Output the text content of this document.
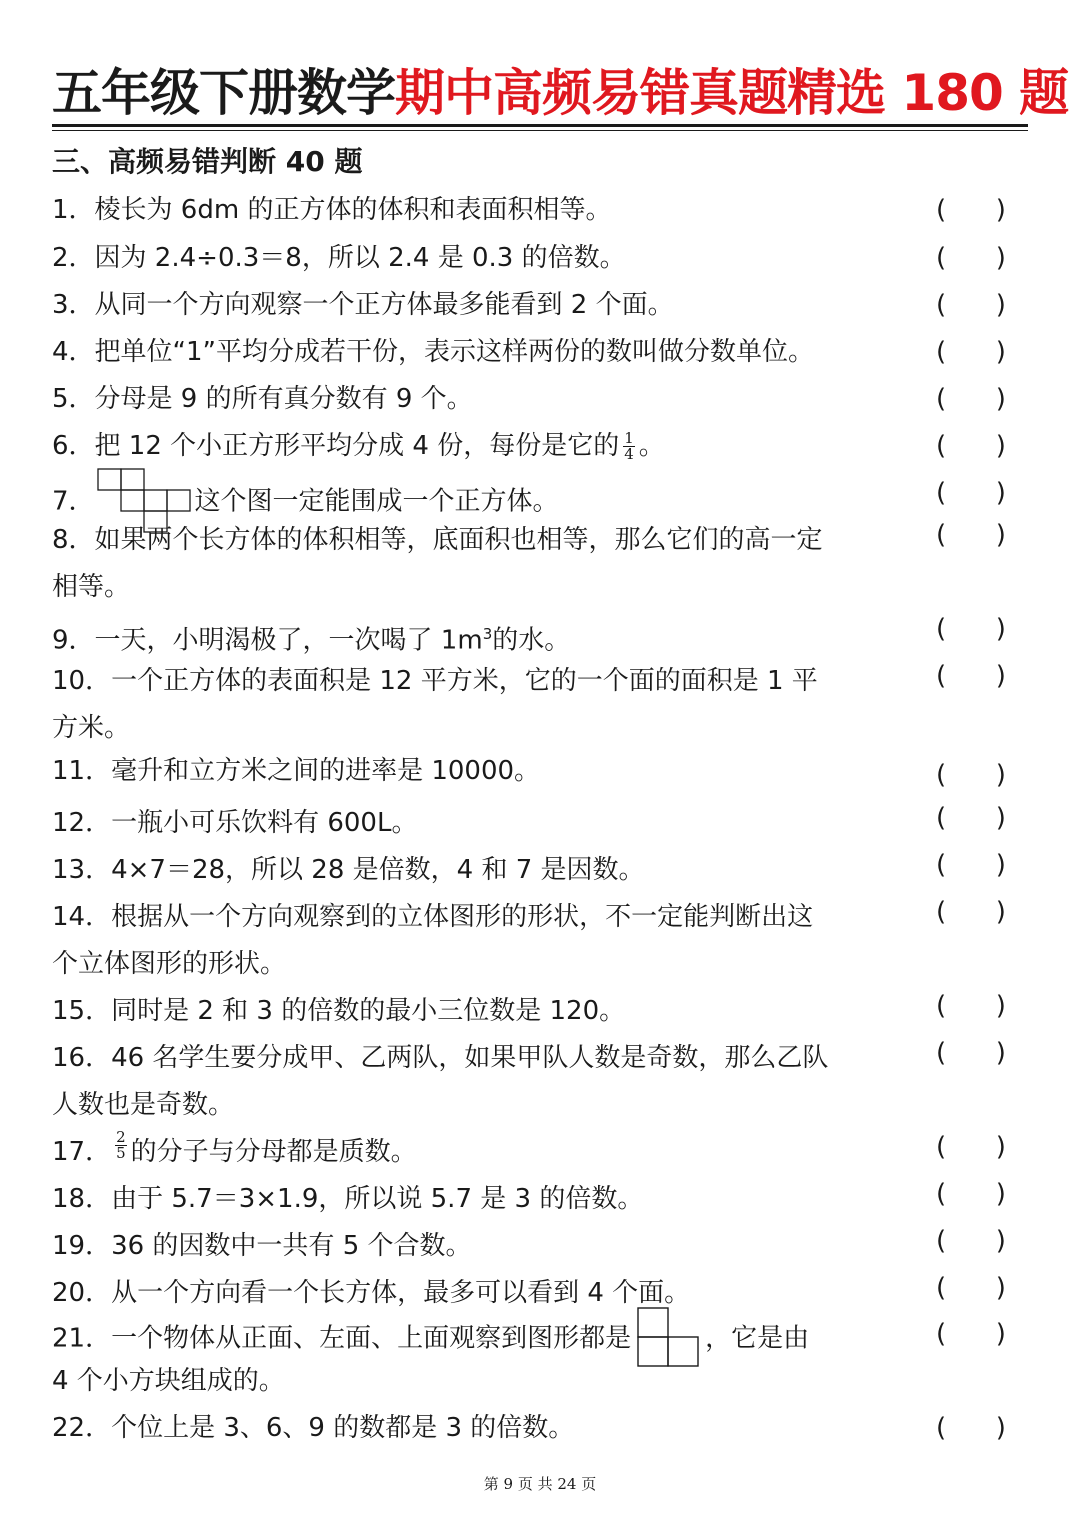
五年级下册数学期中高频易错真题精选 180 题
三、高频易错判断 40 题
1．棱长为 6dm 的正方体的体积和表面积相等。	(      )
2．因为 2.4÷0.3＝8，所以 2.4 是 0.3 的倍数。	(      )
3．从同一个方向观察一个正方体最多能看到 2 个面。	(      )
4．把单位“1”平均分成若干份，表示这样两份的数叫做分数单位。	(      )
5．分母是 9 的所有真分数有 9 个。	(      )
6．把 12 个小正方形平均分成 4 份，每份是它的 $\frac{1}{4}$ 。	(      )
7．	这个图一定能围成一个正方体。	(      )
8．如果两个长方体的体积相等，底面积也相等，那么它们的高一定	(      )
相等。
9．一天，小明渴极了，一次喝了 $1m^3$的水。	(      )
10．一个正方体的表面积是 12 平方米，它的一个面的面积是 1 平	(      )
方米。
11．毫升和立方米之间的进率是 10000。	(      )
12．一瓶小可乐饮料有 600L。	(      )
13．4×7＝28，所以 28 是倍数，4 和 7 是因数。	(      )
14．根据从一个方向观察到的立体图形的形状，不一定能判断出这	(      )
个立体图形的形状。
15．同时是 2 和 3 的倍数的最小三位数是 120。	(      )
16．46 名学生要分成甲、乙两队，如果甲队人数是奇数，那么乙队	(      )
人数也是奇数。
17． $\frac{2}{5}$ 的分子与分母都是质数。	(      )
18．由于 5.7＝3×1.9，所以说 5.7 是 3 的倍数。	(      )
19．36 的因数中一共有 5 个合数。	(      )
20．从一个方向看一个长方体，最多可以看到 4 个面。	(      )
21．一个物体从正面、左面、上面观察到图形都是	，它是由	(      )
4 个小方块组成的。
22．个位上是 3、6、9 的数都是 3 的倍数。	(      )
第 9 页 共 24 页
